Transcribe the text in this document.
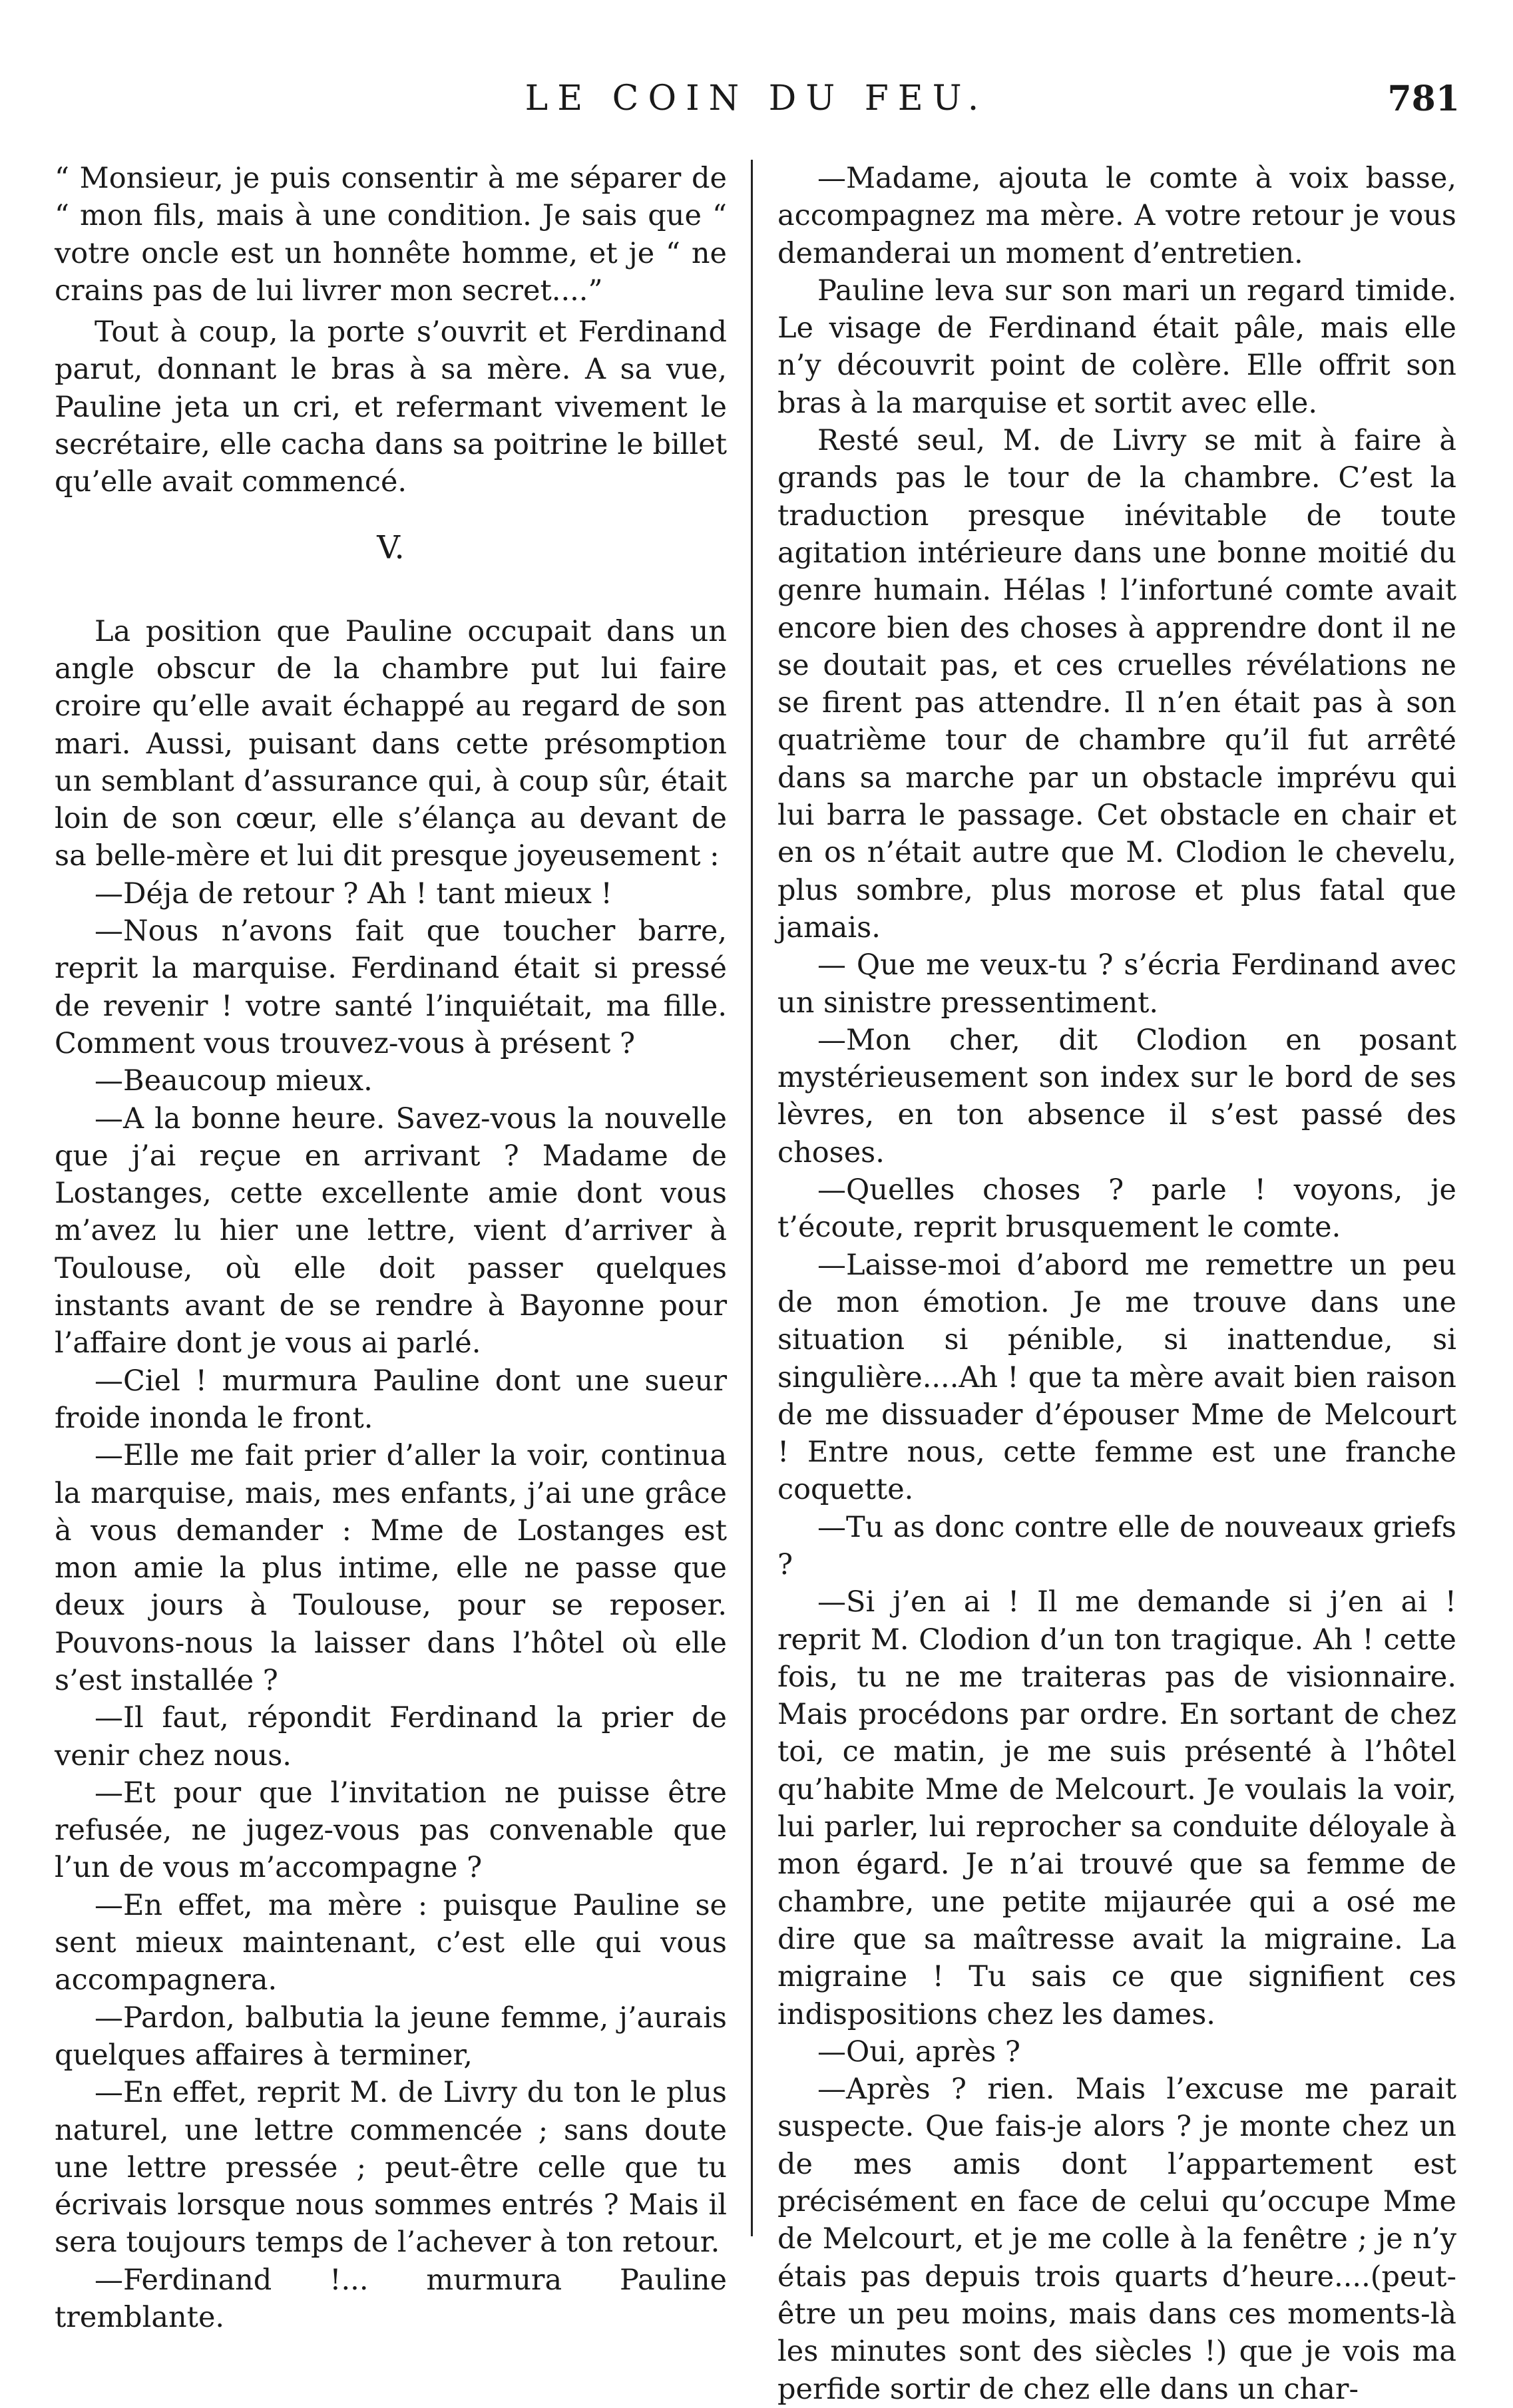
LE COIN DU FEU.	781

“ Monsieur, je puis consentir à me séparer de “ mon fils, mais à une condition. Je sais que “ votre oncle est un honnête homme, et je “ ne crains pas de lui livrer mon secret....”

Tout à coup, la porte s’ouvrit et Ferdinand parut, donnant le bras à sa mère. A sa vue, Pauline jeta un cri, et refermant vivement le secrétaire, elle cacha dans sa poitrine le billet qu’elle avait commencé.

V.

La position que Pauline occupait dans un angle obscur de la chambre put lui faire croire qu’elle avait échappé au regard de son mari. Aussi, puisant dans cette présomption un semblant d’assurance qui, à coup sûr, était loin de son cœur, elle s’élança au devant de sa belle-mère et lui dit presque joyeusement :

—Déja de retour ? Ah ! tant mieux !

—Nous n’avons fait que toucher barre, reprit la marquise. Ferdinand était si pressé de revenir ! votre santé l’inquiétait, ma fille. Comment vous trouvez-vous à présent ?

—Beaucoup mieux.

—A la bonne heure. Savez-vous la nouvelle que j’ai reçue en arrivant ? Madame de Lostanges, cette excellente amie dont vous m’avez lu hier une lettre, vient d’arriver à Toulouse, où elle doit passer quelques instants avant de se rendre à Bayonne pour l’affaire dont je vous ai parlé.

—Ciel ! murmura Pauline dont une sueur froide inonda le front.

—Elle me fait prier d’aller la voir, continua la marquise, mais, mes enfants, j’ai une grâce à vous demander : Mme de Lostanges est mon amie la plus intime, elle ne passe que deux jours à Toulouse, pour se reposer. Pouvons-nous la laisser dans l’hôtel où elle s’est installée ?

—Il faut, répondit Ferdinand la prier de venir chez nous.

—Et pour que l’invitation ne puisse être refusée, ne jugez-vous pas convenable que l’un de vous m’accompagne ?

—En effet, ma mère : puisque Pauline se sent mieux maintenant, c’est elle qui vous accompagnera.

—Pardon, balbutia la jeune femme, j’aurais quelques affaires à terminer,

—En effet, reprit M. de Livry du ton le plus naturel, une lettre commencée ; sans doute une lettre pressée ; peut-être celle que tu écrivais lorsque nous sommes entrés ? Mais il sera toujours temps de l’achever à ton retour.

—Ferdinand !... murmura Pauline tremblante.

—Madame, ajouta le comte à voix basse, accompagnez ma mère. A votre retour je vous demanderai un moment d’entretien.

Pauline leva sur son mari un regard timide. Le visage de Ferdinand était pâle, mais elle n’y découvrit point de colère. Elle offrit son bras à la marquise et sortit avec elle.

Resté seul, M. de Livry se mit à faire à grands pas le tour de la chambre. C’est la traduction presque inévitable de toute agitation intérieure dans une bonne moitié du genre humain. Hélas ! l’infortuné comte avait encore bien des choses à apprendre dont il ne se doutait pas, et ces cruelles révélations ne se firent pas attendre. Il n’en était pas à son quatrième tour de chambre qu’il fut arrêté dans sa marche par un obstacle imprévu qui lui barra le passage. Cet obstacle en chair et en os n’était autre que M. Clodion le chevelu, plus sombre, plus morose et plus fatal que jamais.

— Que me veux-tu ? s’écria Ferdinand avec un sinistre pressentiment.

—Mon cher, dit Clodion en posant mystérieusement son index sur le bord de ses lèvres, en ton absence il s’est passé des choses.

—Quelles choses ? parle ! voyons, je t’écoute, reprit brusquement le comte.

—Laisse-moi d’abord me remettre un peu de mon émotion. Je me trouve dans une situation si pénible, si inattendue, si singulière....Ah ! que ta mère avait bien raison de me dissuader d’épouser Mme de Melcourt ! Entre nous, cette femme est une franche coquette.

—Tu as donc contre elle de nouveaux griefs ?

—Si j’en ai ! Il me demande si j’en ai ! reprit M. Clodion d’un ton tragique. Ah ! cette fois, tu ne me traiteras pas de visionnaire. Mais procédons par ordre. En sortant de chez toi, ce matin, je me suis présenté à l’hôtel qu’habite Mme de Melcourt. Je voulais la voir, lui parler, lui reprocher sa conduite déloyale à mon égard. Je n’ai trouvé que sa femme de chambre, une petite mijaurée qui a osé me dire que sa maîtresse avait la migraine. La migraine ! Tu sais ce que signifient ces indispositions chez les dames.

—Oui, après ?

—Après ? rien. Mais l’excuse me parait suspecte. Que fais-je alors ? je monte chez un de mes amis dont l’appartement est précisément en face de celui qu’occupe Mme de Melcourt, et je me colle à la fenêtre ; je n’y étais pas depuis trois quarts d’heure....(peut-être un peu moins, mais dans ces moments-là les minutes sont des siècles !) que je vois ma perfide sortir de chez elle dans un char-
